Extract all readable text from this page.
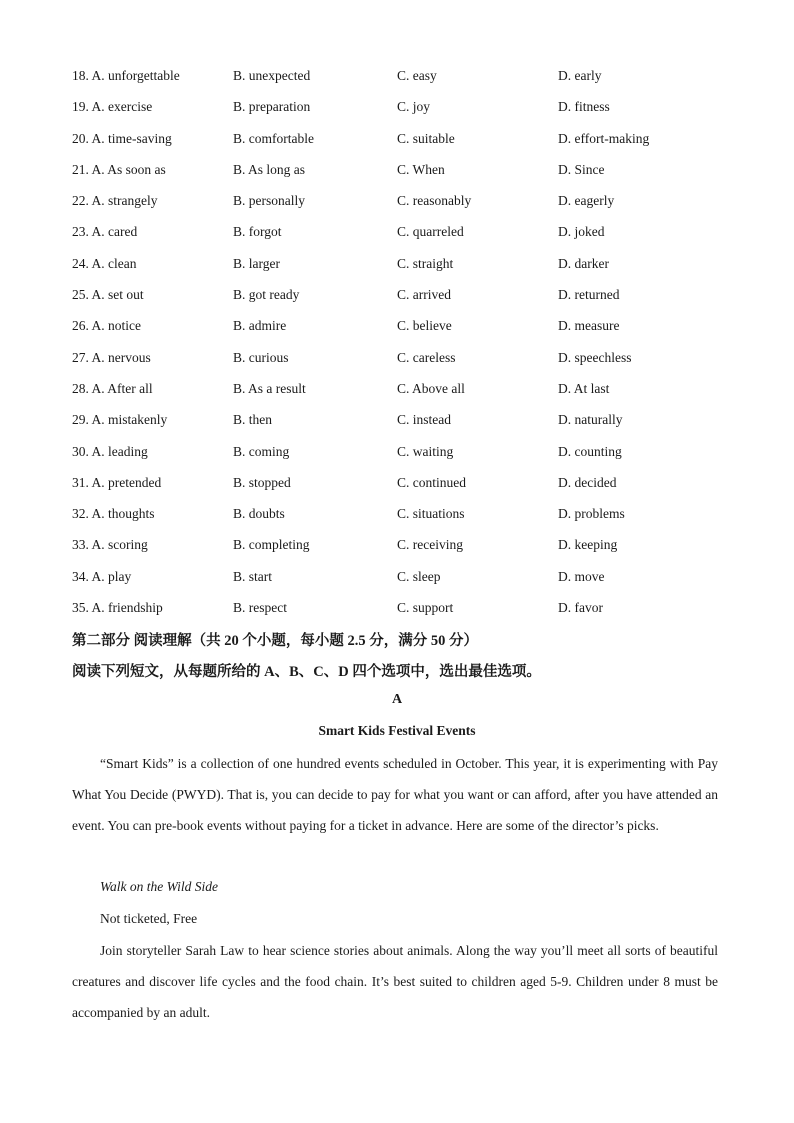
18. A. unforgettable	B. unexpected	C. easy	D. early
19. A. exercise	B. preparation	C. joy	D. fitness
20. A. time-saving	B. comfortable	C. suitable	D. effort-making
21. A. As soon as	B. As long as	C. When	D. Since
22. A. strangely	B. personally	C. reasonably	D. eagerly
23. A. cared	B. forgot	C. quarreled	D. joked
24. A. clean	B. larger	C. straight	D. darker
25. A. set out	B. got ready	C. arrived	D. returned
26. A. notice	B. admire	C. believe	D. measure
27. A. nervous	B. curious	C. careless	D. speechless
28. A. After all	B. As a result	C. Above all	D. At last
29. A. mistakenly	B. then	C. instead	D. naturally
30. A. leading	B. coming	C. waiting	D. counting
31. A. pretended	B. stopped	C. continued	D. decided
32. A. thoughts	B. doubts	C. situations	D. problems
33. A. scoring	B. completing	C. receiving	D. keeping
34. A. play	B. start	C. sleep	D. move
35. A. friendship	B. respect	C. support	D. favor
第二部分 阅读理解（共 20 个小题，每小题 2.5 分，满分 50 分）
阅读下列短文，从每题所给的 A、B、C、D 四个选项中，选出最佳选项。
A
Smart Kids Festival Events
“Smart Kids” is a collection of one hundred events scheduled in October. This year, it is experimenting with Pay What You Decide (PWYD). That is, you can decide to pay for what you want or can afford, after you have attended an event. You can pre-book events without paying for a ticket in advance. Here are some of the director’s picks.
Walk on the Wild Side
Not ticketed, Free
Join storyteller Sarah Law to hear science stories about animals. Along the way you’ll meet all sorts of beautiful creatures and discover life cycles and the food chain. It’s best suited to children aged 5-9. Children under 8 must be accompanied by an adult.
